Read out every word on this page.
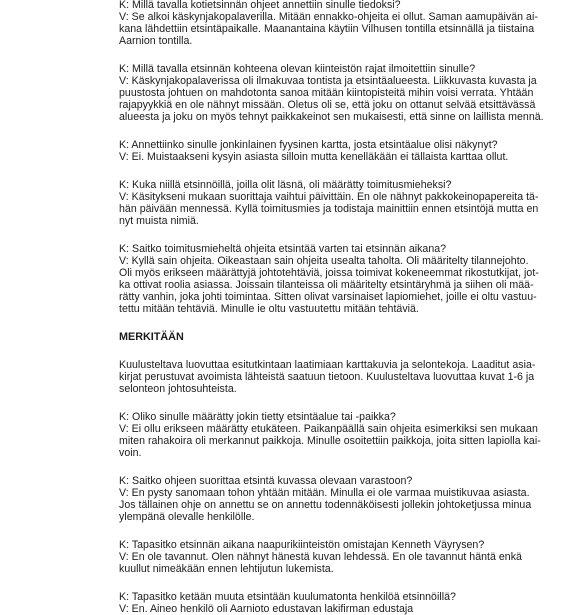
K: Millä tavalla kotietsinnän ohjeet annettiin sinulle tiedoksi?
V: Se alkoi käskynjakopalaverilla. Mitään ennakko-ohjeita ei ollut. Saman aamupäivän ai-
kana lähdettiin etsintäpaikalle. Maanantaina käytiin Vilhusen tontilla etsinnällä ja tiistaina
Aarnion tontilla.
K: Millä tavalla etsinnän kohteena olevan kiinteistön rajat ilmoitettiin sinulle?
V: Käskynjakopalaverissa oli ilmakuvaa tontista ja etsintäalueesta. Liikkuvasta kuvasta ja
puustosta johtuen on mahdotonta sanoa mitään kiintopisteitä mihin voisi verrata. Yhtään
rajapyykkiä en ole nähnyt missään. Oletus oli se, että joku on ottanut selvää etsittävässä
alueesta ja joku on myös tehnyt paikkakeinot sen mukaisesti, että sinne on laillista mennä.
K: Annettiinko sinulle jonkinlainen fyysinen kartta, josta etsintäalue olisi näkynyt?
V: Ei. Muistaakseni kysyin asiasta silloin mutta kenelläkään ei tällaista karttaa ollut.
K: Kuka niillä etsinnöillä, joilla olit läsnä, oli määrätty toimitusmieheksi?
V: Käsitykseni mukaan suorittaja vaihtui päivittäin. En ole nähnyt pakkokeinopapereita tä-
hän päivään mennessä. Kyllä toimitusmies ja todistaja mainittiin ennen etsintöjä mutta en
nyt muista nimiä.
K: Saitko toimitusmieheltä ohjeita etsintää varten tai etsinnän aikana?
V: Kyllä sain ohjeita. Oikeastaan sain ohjeita usealta taholta. Oli määritelty tilannejohto.
Oli myös erikseen määrättyjä johtotehtäviä, joissa toimivat kokeneemmat rikostutkijat, jot-
ka ottivat roolia asiassa. Joissain tilanteissa oli määritelty etsintäryhmä ja siihen oli mää-
rätty vanhin, joka johti toimintaa. Sitten olivat varsinaiset lapiomiehet, joille ei oltu vastuu-
tettu mitään tehtäviä. Minulle ie oltu vastuutettu mitään tehtäviä.
MERKITÄÄN
Kuulusteltava luovuttaa esitutkintaan laatimiaan karttakuvia ja selontekoja. Laaditut asia-
kirjat perustuvat avoimista lähteistä saatuun tietoon. Kuulusteltava luovuttaa kuvat 1-6 ja
selonteon johtosuhteista.
K: Oliko sinulle määrätty jokin tietty etsintäalue tai -paikka?
V: Ei ollu erikseen määrätty etukäteen. Paikanpäällä sain ohjeita esimerkiksi sen mukaan
miten rahakoira oli merkannut paikkoja. Minulle osoitettiin paikkoja, joita sitten lapiolla kai-
voin.
K: Saitko ohjeen suorittaa etsintä kuvassa olevaan varastoon?
V: En pysty sanomaan tohon yhtään mitään. Minulla ei ole varmaa muistikuvaa asiasta.
Jos tällainen ohje on annettu se on annettu todennäköisesti jollekin johtoketjussa minua
ylempänä olevalle henkilölle.
K: Tapasitko etsinnän aikana naapurikiinteistön omistajan Kenneth Väyrysen?
V: En ole tavannut. Olen nähnyt hänestä kuvan lehdessä. En ole tavannut häntä enkä
kuullut nimeäkään ennen lehtijutun lukemista.
K: Tapasitko ketään muuta etsintään kuulumatonta henkilöä etsinnöillä?
V: En. Aineo henkilö oli Aarnioto edustavan lakifirman edustaja
